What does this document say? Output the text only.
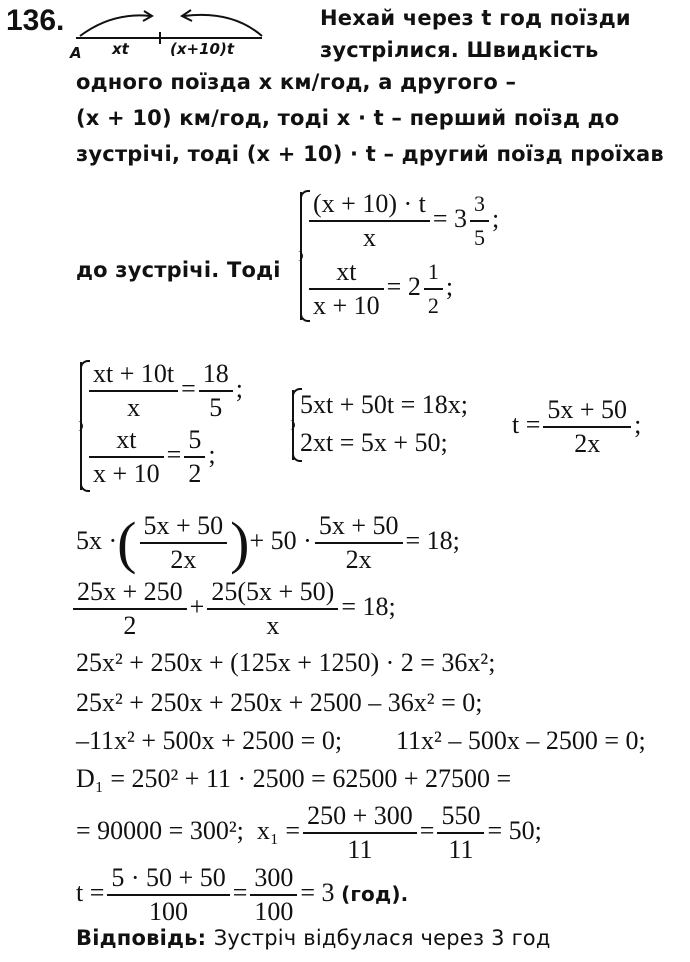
136.
A xt	(x+10)t
Нехай через t год поїзди
зустрілися. Швидкість
одного поїзда x км/год, а другого –
(x + 10) км/год, тоді x · t – перший поїзд до
зустрічі, тоді (x + 10) · t – другий поїзд проїхав
до зустрічі. Тоді
$\frac{(x + 10) \cdot t}{x} = 3 \frac{3}{5}$ ;
$\frac{xt}{x + 10} = 2 \frac{1}{2}$ ;
$\frac{xt + 10t}{x} = \frac{18}{5}$ ;
$\frac{xt}{x + 10} = \frac{5}{2}$ ;
5xt + 50t = 18x;
2xt = 5x + 50;
$t = \frac{5x + 50}{2x}$ ;
5x ·( $\frac{5x + 50}{2x}$ )+ $50 \cdot \frac{5x + 50}{2x} = 18$;
$\frac{25x + 250}{2} + \frac{25(5x + 50)}{x} = 18$;
25x² + 250x + (125x + 1250) · 2 = 36x²;
25x² + 250x + 250x + 2500 – 36x² = 0;
–11x² + 500x + 2500 = 0; 11x² – 500x – 2500 = 0;
D₁ = 250² + 11 · 2500 = 62500 + 27500 =
= 90000 = 300²; $x_1 = \frac{250 + 300}{11} = \frac{550}{11} = 50$;
$t = \frac{5 \cdot 50 + 50}{100} = \frac{300}{100} = 3$ (год).
Відповідь: Зустріч відбулася через 3 год
